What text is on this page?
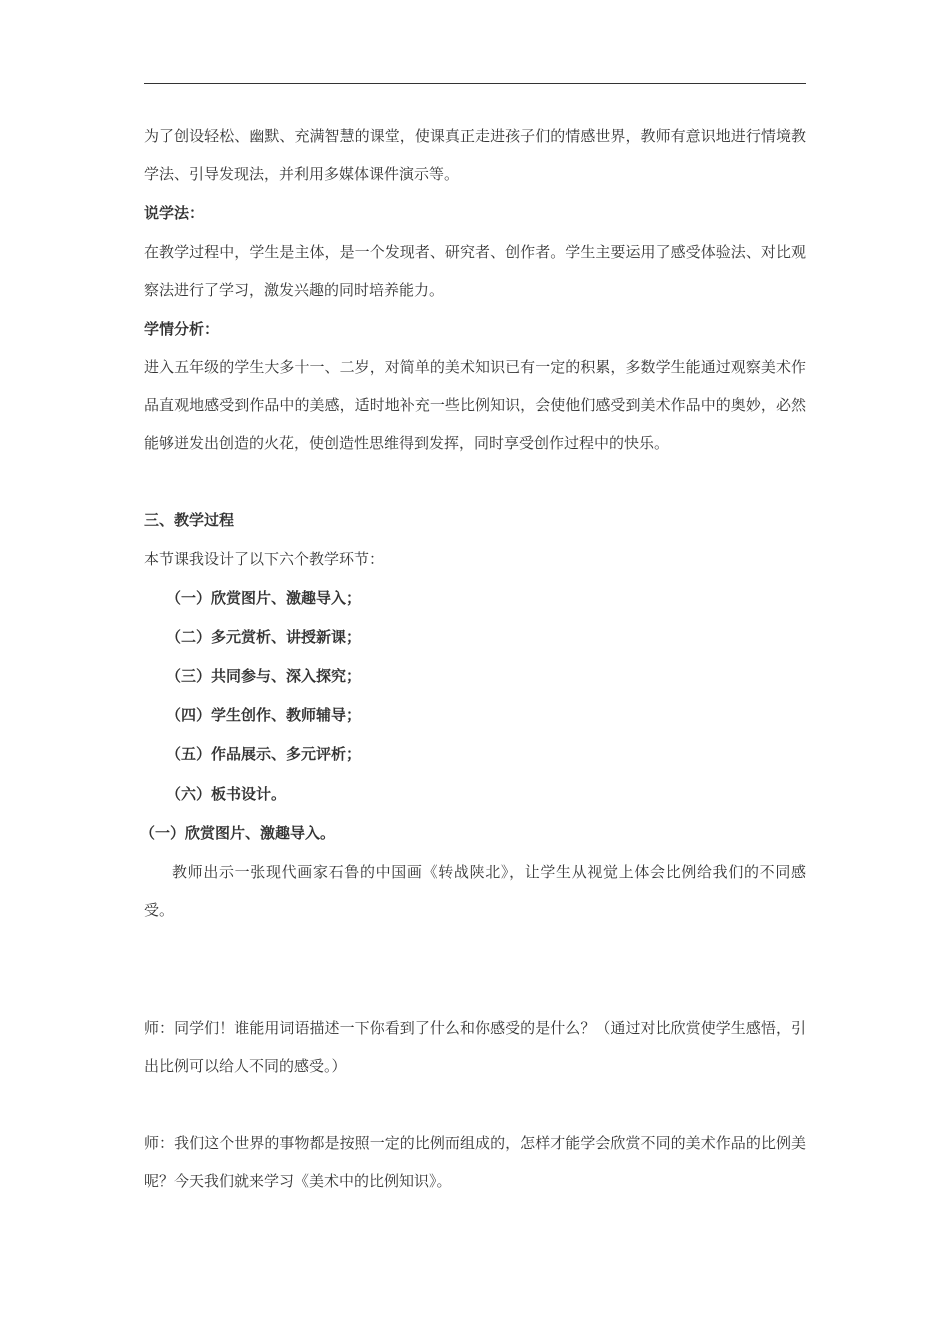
为了创设轻松、幽默、充满智慧的课堂，使课真正走进孩子们的情感世界，教师有意识地进行情境教学法、引导发现法，并利用多媒体课件演示等。

说学法：

在教学过程中，学生是主体，是一个发现者、研究者、创作者。学生主要运用了感受体验法、对比观察法进行了学习，激发兴趣的同时培养能力。

学情分析：

进入五年级的学生大多十一、二岁，对简单的美术知识已有一定的积累，多数学生能通过观察美术作品直观地感受到作品中的美感，适时地补充一些比例知识，会使他们感受到美术作品中的奥妙，必然能够迸发出创造的火花，使创造性思维得到发挥，同时享受创作过程中的快乐。

三、教学过程

本节课我设计了以下六个教学环节：

（一）欣赏图片、激趣导入；

（二）多元赏析、讲授新课；

（三）共同参与、深入探究；

（四）学生创作、教师辅导；

（五）作品展示、多元评析；

（六）板书设计。

（一）欣赏图片、激趣导入。

教师出示一张现代画家石鲁的中国画《转战陕北》，让学生从视觉上体会比例给我们的不同感受。

师：同学们！谁能用词语描述一下你看到了什么和你感受的是什么？（通过对比欣赏使学生感悟，引出比例可以给人不同的感受。）

师：我们这个世界的事物都是按照一定的比例而组成的，怎样才能学会欣赏不同的美术作品的比例美呢？今天我们就来学习《美术中的比例知识》。
